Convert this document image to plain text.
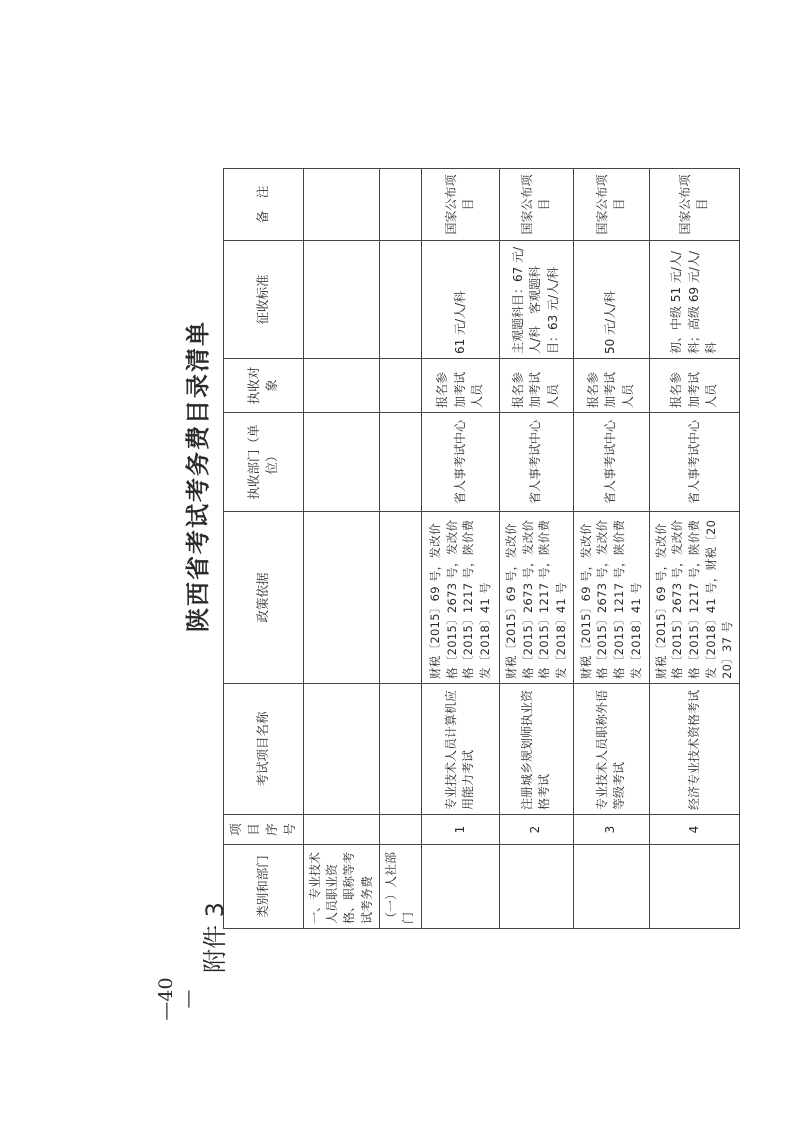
—40—
附件 3
陕西省考试考务费目录清单
类别和部门	项目序号	考试项目名称	政策依据	执收部门（单位）	执收对象	征收标准	备　注
一、专业技术人员职业资格、职称等考试考务费							
（一）人社部门							
	1	专业技术人员计算机应用能力考试	财税〔2015〕69 号，发改价格〔2015〕2673 号，发改价格〔2015〕1217 号，陕价费发〔2018〕41 号	省人事考试中心	报名参加考试人员	61 元/人/科	国家公布项目
	2	注册城乡规划师执业资格考试	财税〔2015〕69 号，发改价格〔2015〕2673 号，发改价格〔2015〕1217 号，陕价费发〔2018〕41 号	省人事考试中心	报名参加考试人员	主观题科目：67 元/人/科　客观题科目：63 元/人/科	国家公布项目
	3	专业技术人员职称外语等级考试	财税〔2015〕69 号，发改价格〔2015〕2673 号，发改价格〔2015〕1217 号，陕价费发〔2018〕41 号	省人事考试中心	报名参加考试人员	50 元/人/科	国家公布项目
	4	经济专业技术资格考试	财税〔2015〕69 号，发改价格〔2015〕2673 号，发改价格〔2015〕1217 号，陕价费发〔2018〕41 号，财税〔2020〕37 号	省人事考试中心	报名参加考试人员	初、中级 51 元/人/科；高级 69 元/人/科	国家公布项目
